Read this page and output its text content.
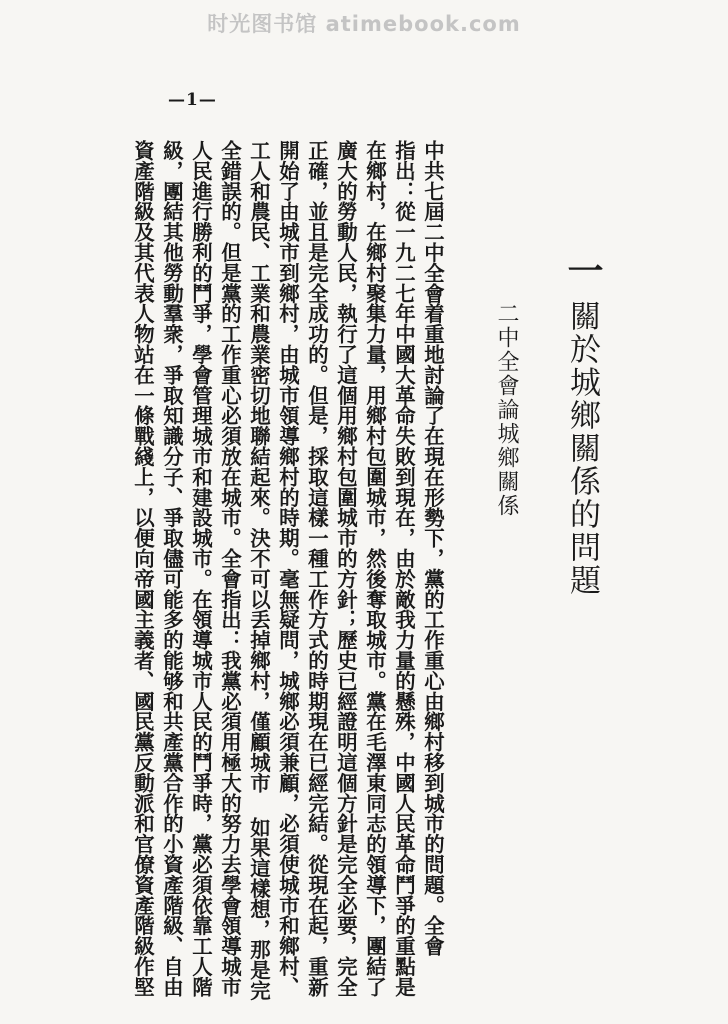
时光图书馆 atimebook.com
—1—
一
關於城鄉關係的問題
二中全會論城鄉關係
中共七屆二中全會着重地討論了在現在形勢下，黨的工作重心由鄉村移到城市的問題。全會
指出：從一九二七年中國大革命失敗到現在，由於敵我力量的懸殊，中國人民革命鬥爭的重點是
在鄉村，在鄉村聚集力量，用鄉村包圍城市，然後奪取城市。黨在毛澤東同志的領導下，團結了
廣大的勞動人民，執行了這個用鄉村包圍城市的方針；歷史已經證明這個方針是完全必要，完全
正確，並且是完全成功的。但是，採取這樣一種工作方式的時期現在已經完結。從現在起，重新
開始了由城市到鄉村，由城市領導鄉村的時期。毫無疑問，城鄉必須兼顧，必須使城市和鄉村、
工人和農民、工業和農業密切地聯結起來。決不可以丢掉鄉村，僅顧城市 如果這樣想，那是完
全錯誤的。但是黨的工作重心必須放在城市。全會指出：我黨必須用極大的努力去學會領導城市
人民進行勝利的鬥爭，學會管理城市和建設城市。在領導城市人民的鬥爭時，黨必須依靠工人階
級，團結其他勞動羣衆，爭取知識分子、爭取儘可能多的能够和共產黨合作的小資產階級、自由
資產階級及其代表人物站在一條戰綫上，以便向帝國主義者、國民黨反動派和官僚資產階級作堅
